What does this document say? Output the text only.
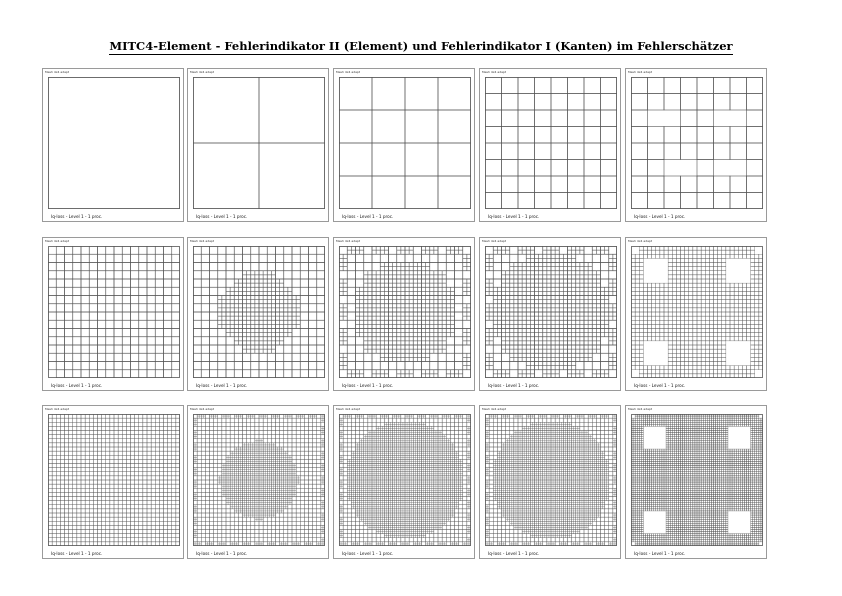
MITC4-Element - Fehlerindikator II (Element) und Fehlerindikator I (Kanten) im Fehlerschätzer
Mesh 4x4 adapt
Iq-loss - Level 1 - 1 proc.
Mesh 4x4 adapt
Iq-loss - Level 1 - 1 proc.
Mesh 4x4 adapt
Iq-loss - Level 1 - 1 proc.
Mesh 4x4 adapt
Iq-loss - Level 1 - 1 proc.
Mesh 4x4 adapt
Iq-loss - Level 1 - 1 proc.
Mesh 4x4 adapt
Iq-loss - Level 1 - 1 proc.
Mesh 4x4 adapt
Iq-loss - Level 1 - 1 proc.
Mesh 4x4 adapt
Iq-loss - Level 1 - 1 proc.
Mesh 4x4 adapt
Iq-loss - Level 1 - 1 proc.
Mesh 4x4 adapt
Iq-loss - Level 1 - 1 proc.
Mesh 4x4 adapt
Iq-loss - Level 1 - 1 proc.
Mesh 4x4 adapt
Iq-loss - Level 1 - 1 proc.
Mesh 4x4 adapt
Iq-loss - Level 1 - 1 proc.
Mesh 4x4 adapt
Iq-loss - Level 1 - 1 proc.
Mesh 4x4 adapt
Iq-loss - Level 1 - 1 proc.
